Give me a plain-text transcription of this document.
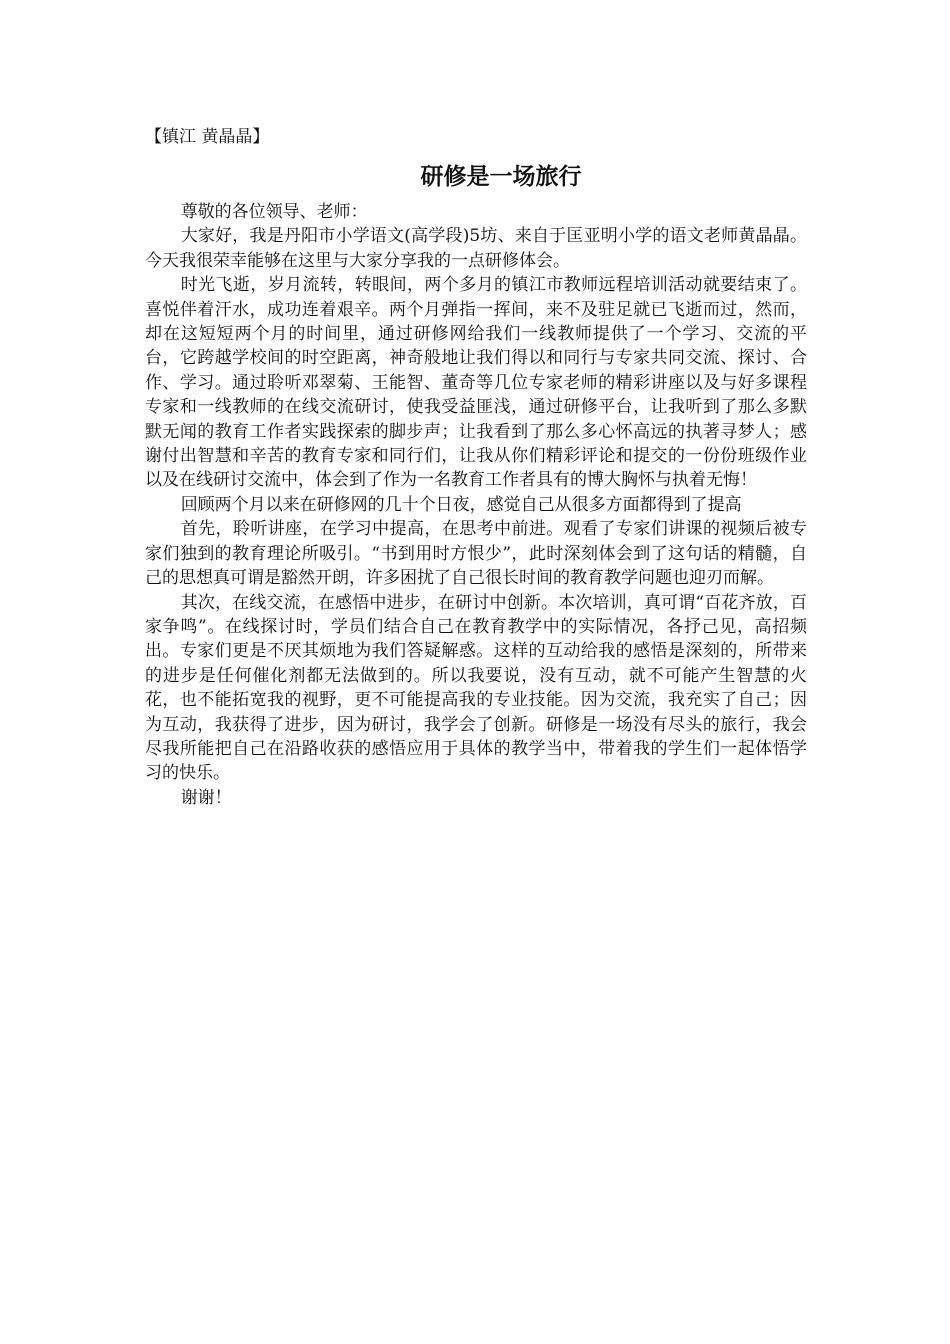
【镇江 黄晶晶】

研修是一场旅行

尊敬的各位领导、老师：

大家好，我是丹阳市小学语文(高学段)5坊、来自于匡亚明小学的语文老师黄晶晶。今天我很荣幸能够在这里与大家分享我的一点研修体会。

时光飞逝，岁月流转，转眼间，两个多月的镇江市教师远程培训活动就要结束了。喜悦伴着汗水，成功连着艰辛。两个月弹指一挥间，来不及驻足就已飞逝而过，然而，却在这短短两个月的时间里，通过研修网给我们一线教师提供了一个学习、交流的平台，它跨越学校间的时空距离，神奇般地让我们得以和同行与专家共同交流、探讨、合作、学习。通过聆听邓翠菊、王能智、董奇等几位专家老师的精彩讲座以及与好多课程专家和一线教师的在线交流研讨，使我受益匪浅，通过研修平台，让我听到了那么多默默无闻的教育工作者实践探索的脚步声；让我看到了那么多心怀高远的执著寻梦人；感谢付出智慧和辛苦的教育专家和同行们，让我从你们精彩评论和提交的一份份班级作业以及在线研讨交流中，体会到了作为一名教育工作者具有的博大胸怀与执着无悔！

回顾两个月以来在研修网的几十个日夜，感觉自己从很多方面都得到了提高

首先，聆听讲座，在学习中提高，在思考中前进。观看了专家们讲课的视频后被专家们独到的教育理论所吸引。“书到用时方恨少”，此时深刻体会到了这句话的精髓，自己的思想真可谓是豁然开朗，许多困扰了自己很长时间的教育教学问题也迎刃而解。

其次，在线交流，在感悟中进步，在研讨中创新。本次培训，真可谓“百花齐放，百家争鸣”。在线探讨时，学员们结合自己在教育教学中的实际情况，各抒己见，高招频出。专家们更是不厌其烦地为我们答疑解惑。这样的互动给我的感悟是深刻的，所带来的进步是任何催化剂都无法做到的。所以我要说，没有互动，就不可能产生智慧的火花，也不能拓宽我的视野，更不可能提高我的专业技能。因为交流，我充实了自己；因为互动，我获得了进步，因为研讨，我学会了创新。研修是一场没有尽头的旅行，我会尽我所能把自己在沿路收获的感悟应用于具体的教学当中，带着我的学生们一起体悟学习的快乐。

谢谢！
